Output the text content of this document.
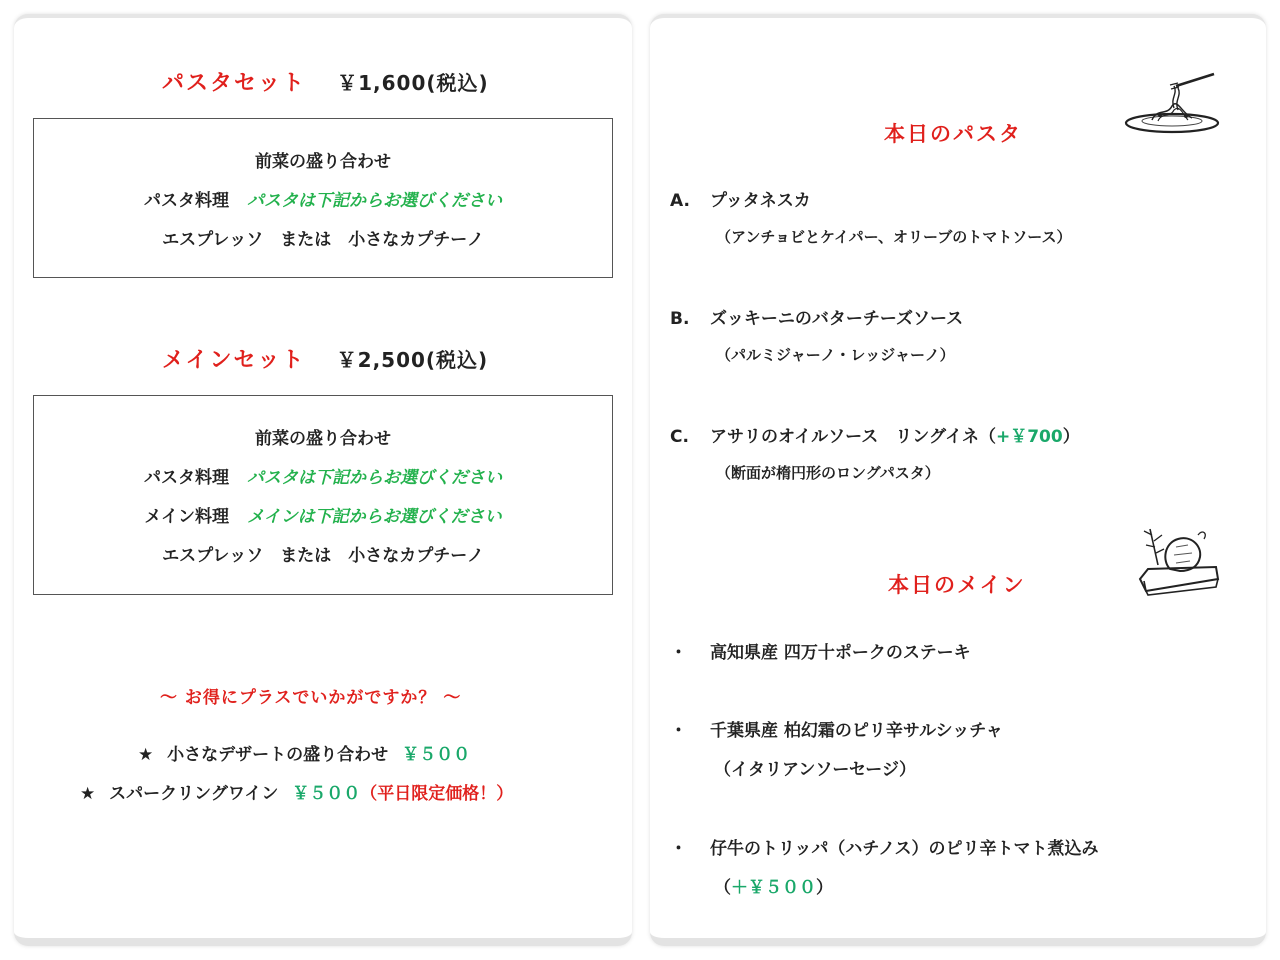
パスタセット ￥1,600(税込)
前菜の盛り合わせ
パスタ料理 パスタは下記からお選びください
エスプレッソ　または　小さなカプチーノ
メインセット ￥2,500(税込)
前菜の盛り合わせ
パスタ料理 パスタは下記からお選びください
メイン料理 メインは下記からお選びください
エスプレッソ　または　小さなカプチーノ
～ お得にプラスでいかがですか？ ～
★ 小さなデザートの盛り合わせ ￥５００
★ スパークリングワイン ￥５００（平日限定価格！）
本日のパスタ
A. プッタネスカ
（アンチョビとケイパー、オリーブのトマトソース）
B. ズッキーニのバターチーズソース
（パルミジャーノ・レッジャーノ）
C. アサリのオイルソース　リングイネ（+￥700）
（断面が楕円形のロングパスタ）
本日のメイン
・ 高知県産 四万十ポークのステーキ
・ 千葉県産 柏幻霜のピリ辛サルシッチャ
（イタリアンソーセージ）
・ 仔牛のトリッパ（ハチノス）のピリ辛トマト煮込み
（＋￥５００）
